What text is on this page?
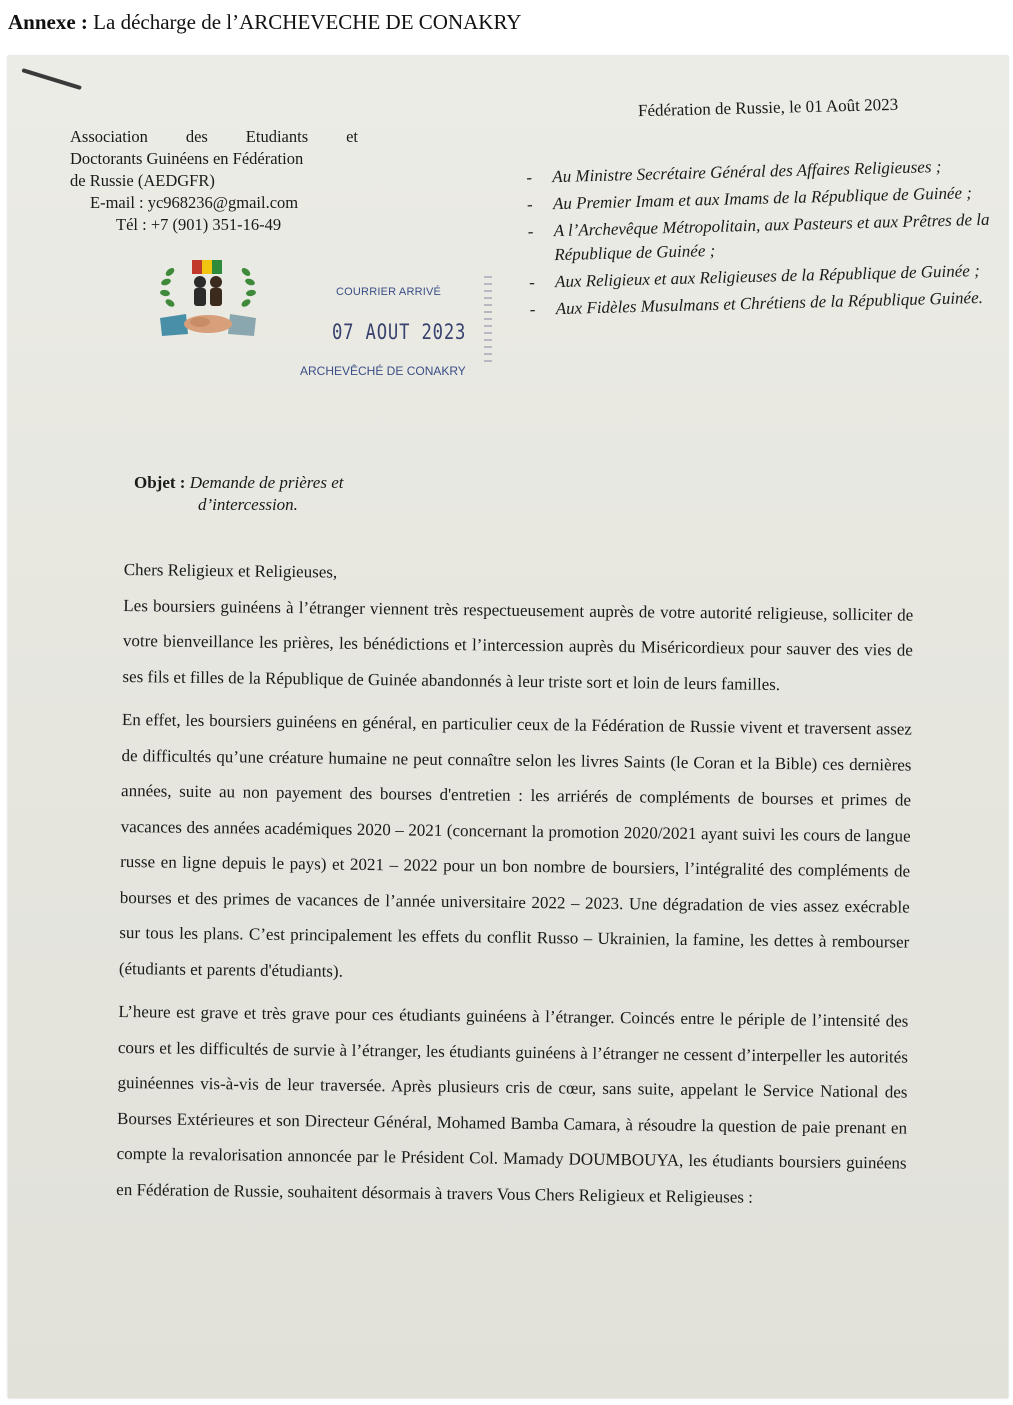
Annexe : La décharge de l’ARCHEVECHE DE CONAKRY
Fédération de Russie, le 01 Août 2023
Association des Etudiants et
Doctorants Guinéens en Fédération
de Russie (AEDGFR)
E-mail : yc968236@gmail.com
Tél : +7 (901) 351-16-49
COURRIER ARRIVÉ
07 AOUT 2023
ARCHEVÊCHÉ DE CONAKRY
- Au Ministre Secrétaire Général des Affaires Religieuses ;
- Au Premier Imam et aux Imams de la République de Guinée ;
- A l’Archevêque Métropolitain, aux Pasteurs et aux Prêtres de la République de Guinée ;
- Aux Religieux et aux Religieuses de la République de Guinée ;
- Aux Fidèles Musulmans et Chrétiens de la République Guinée.
Objet : Demande de prières et
d’intercession.

Chers Religieux et Religieuses,

Les boursiers guinéens à l’étranger viennent très respectueusement auprès de votre autorité religieuse, solliciter de votre bienveillance les prières, les bénédictions et l’intercession auprès du Miséricordieux pour sauver des vies de ses fils et filles de la République de Guinée abandonnés à leur triste sort et loin de leurs familles.

En effet, les boursiers guinéens en général, en particulier ceux de la Fédération de Russie vivent et traversent assez de difficultés qu’une créature humaine ne peut connaître selon les livres Saints (le Coran et la Bible) ces dernières années, suite au non payement des bourses d'entretien : les arriérés de compléments de bourses et primes de vacances des années académiques 2020 – 2021 (concernant la promotion 2020/2021 ayant suivi les cours de langue russe en ligne depuis le pays) et 2021 – 2022 pour un bon nombre de boursiers, l’intégralité des compléments de bourses et des primes de vacances de l’année universitaire 2022 – 2023. Une dégradation de vies assez exécrable sur tous les plans. C’est principalement les effets du conflit Russo – Ukrainien, la famine, les dettes à rembourser (étudiants et parents d'étudiants).

L’heure est grave et très grave pour ces étudiants guinéens à l’étranger. Coincés entre le périple de l’intensité des cours et les difficultés de survie à l’étranger, les étudiants guinéens à l’étranger ne cessent d’interpeller les autorités guinéennes vis-à-vis de leur traversée. Après plusieurs cris de cœur, sans suite, appelant le Service National des Bourses Extérieures et son Directeur Général, Mohamed Bamba Camara, à résoudre la question de paie prenant en compte la revalorisation annoncée par le Président Col. Mamady DOUMBOUYA, les étudiants boursiers guinéens en Fédération de Russie, souhaitent désormais à travers Vous Chers Religieux et Religieuses :
